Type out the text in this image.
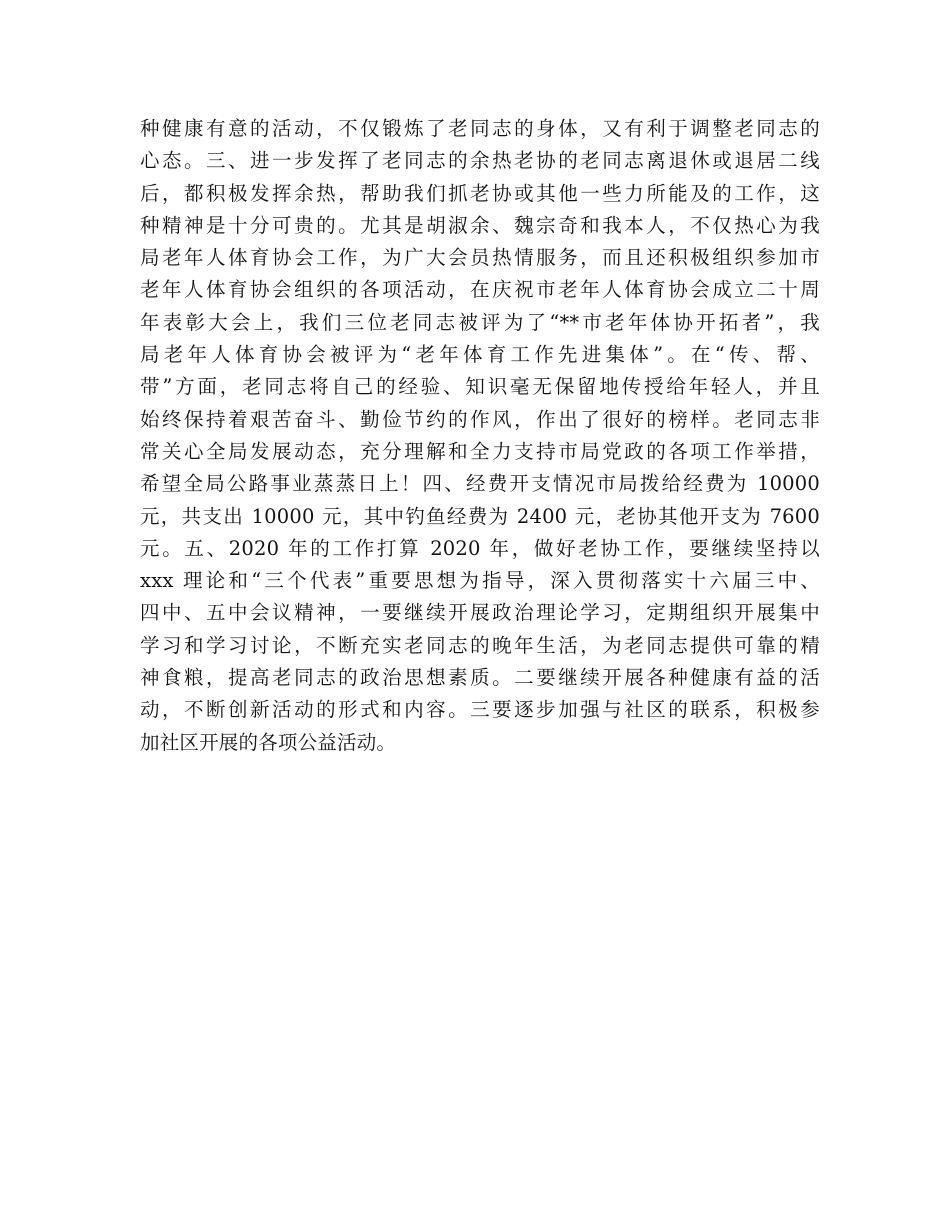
种健康有意的活动，不仅锻炼了老同志的身体，又有利于调整老同志的
心态。三、进一步发挥了老同志的余热老协的老同志离退休或退居二线
后，都积极发挥余热，帮助我们抓老协或其他一些力所能及的工作，这
种精神是十分可贵的。尤其是胡淑余、魏宗奇和我本人，不仅热心为我
局老年人体育协会工作，为广大会员热情服务，而且还积极组织参加市
老年人体育协会组织的各项活动，在庆祝市老年人体育协会成立二十周
年表彰大会上，我们三位老同志被评为了“**市老年体协开拓者”，我
局老年人体育协会被评为“老年体育工作先进集体”。在“传、帮、
带”方面，老同志将自己的经验、知识毫无保留地传授给年轻人，并且
始终保持着艰苦奋斗、勤俭节约的作风，作出了很好的榜样。老同志非
常关心全局发展动态，充分理解和全力支持市局党政的各项工作举措，
希望全局公路事业蒸蒸日上！四、经费开支情况市局拨给经费为 10000
元，共支出 10000 元，其中钓鱼经费为 2400 元，老协其他开支为 7600
元。五、2020 年的工作打算 2020 年，做好老协工作，要继续坚持以
xxx 理论和“三个代表”重要思想为指导，深入贯彻落实十六届三中、
四中、五中会议精神，一要继续开展政治理论学习，定期组织开展集中
学习和学习讨论，不断充实老同志的晚年生活，为老同志提供可靠的精
神食粮，提高老同志的政治思想素质。二要继续开展各种健康有益的活
动，不断创新活动的形式和内容。三要逐步加强与社区的联系，积极参
加社区开展的各项公益活动。
